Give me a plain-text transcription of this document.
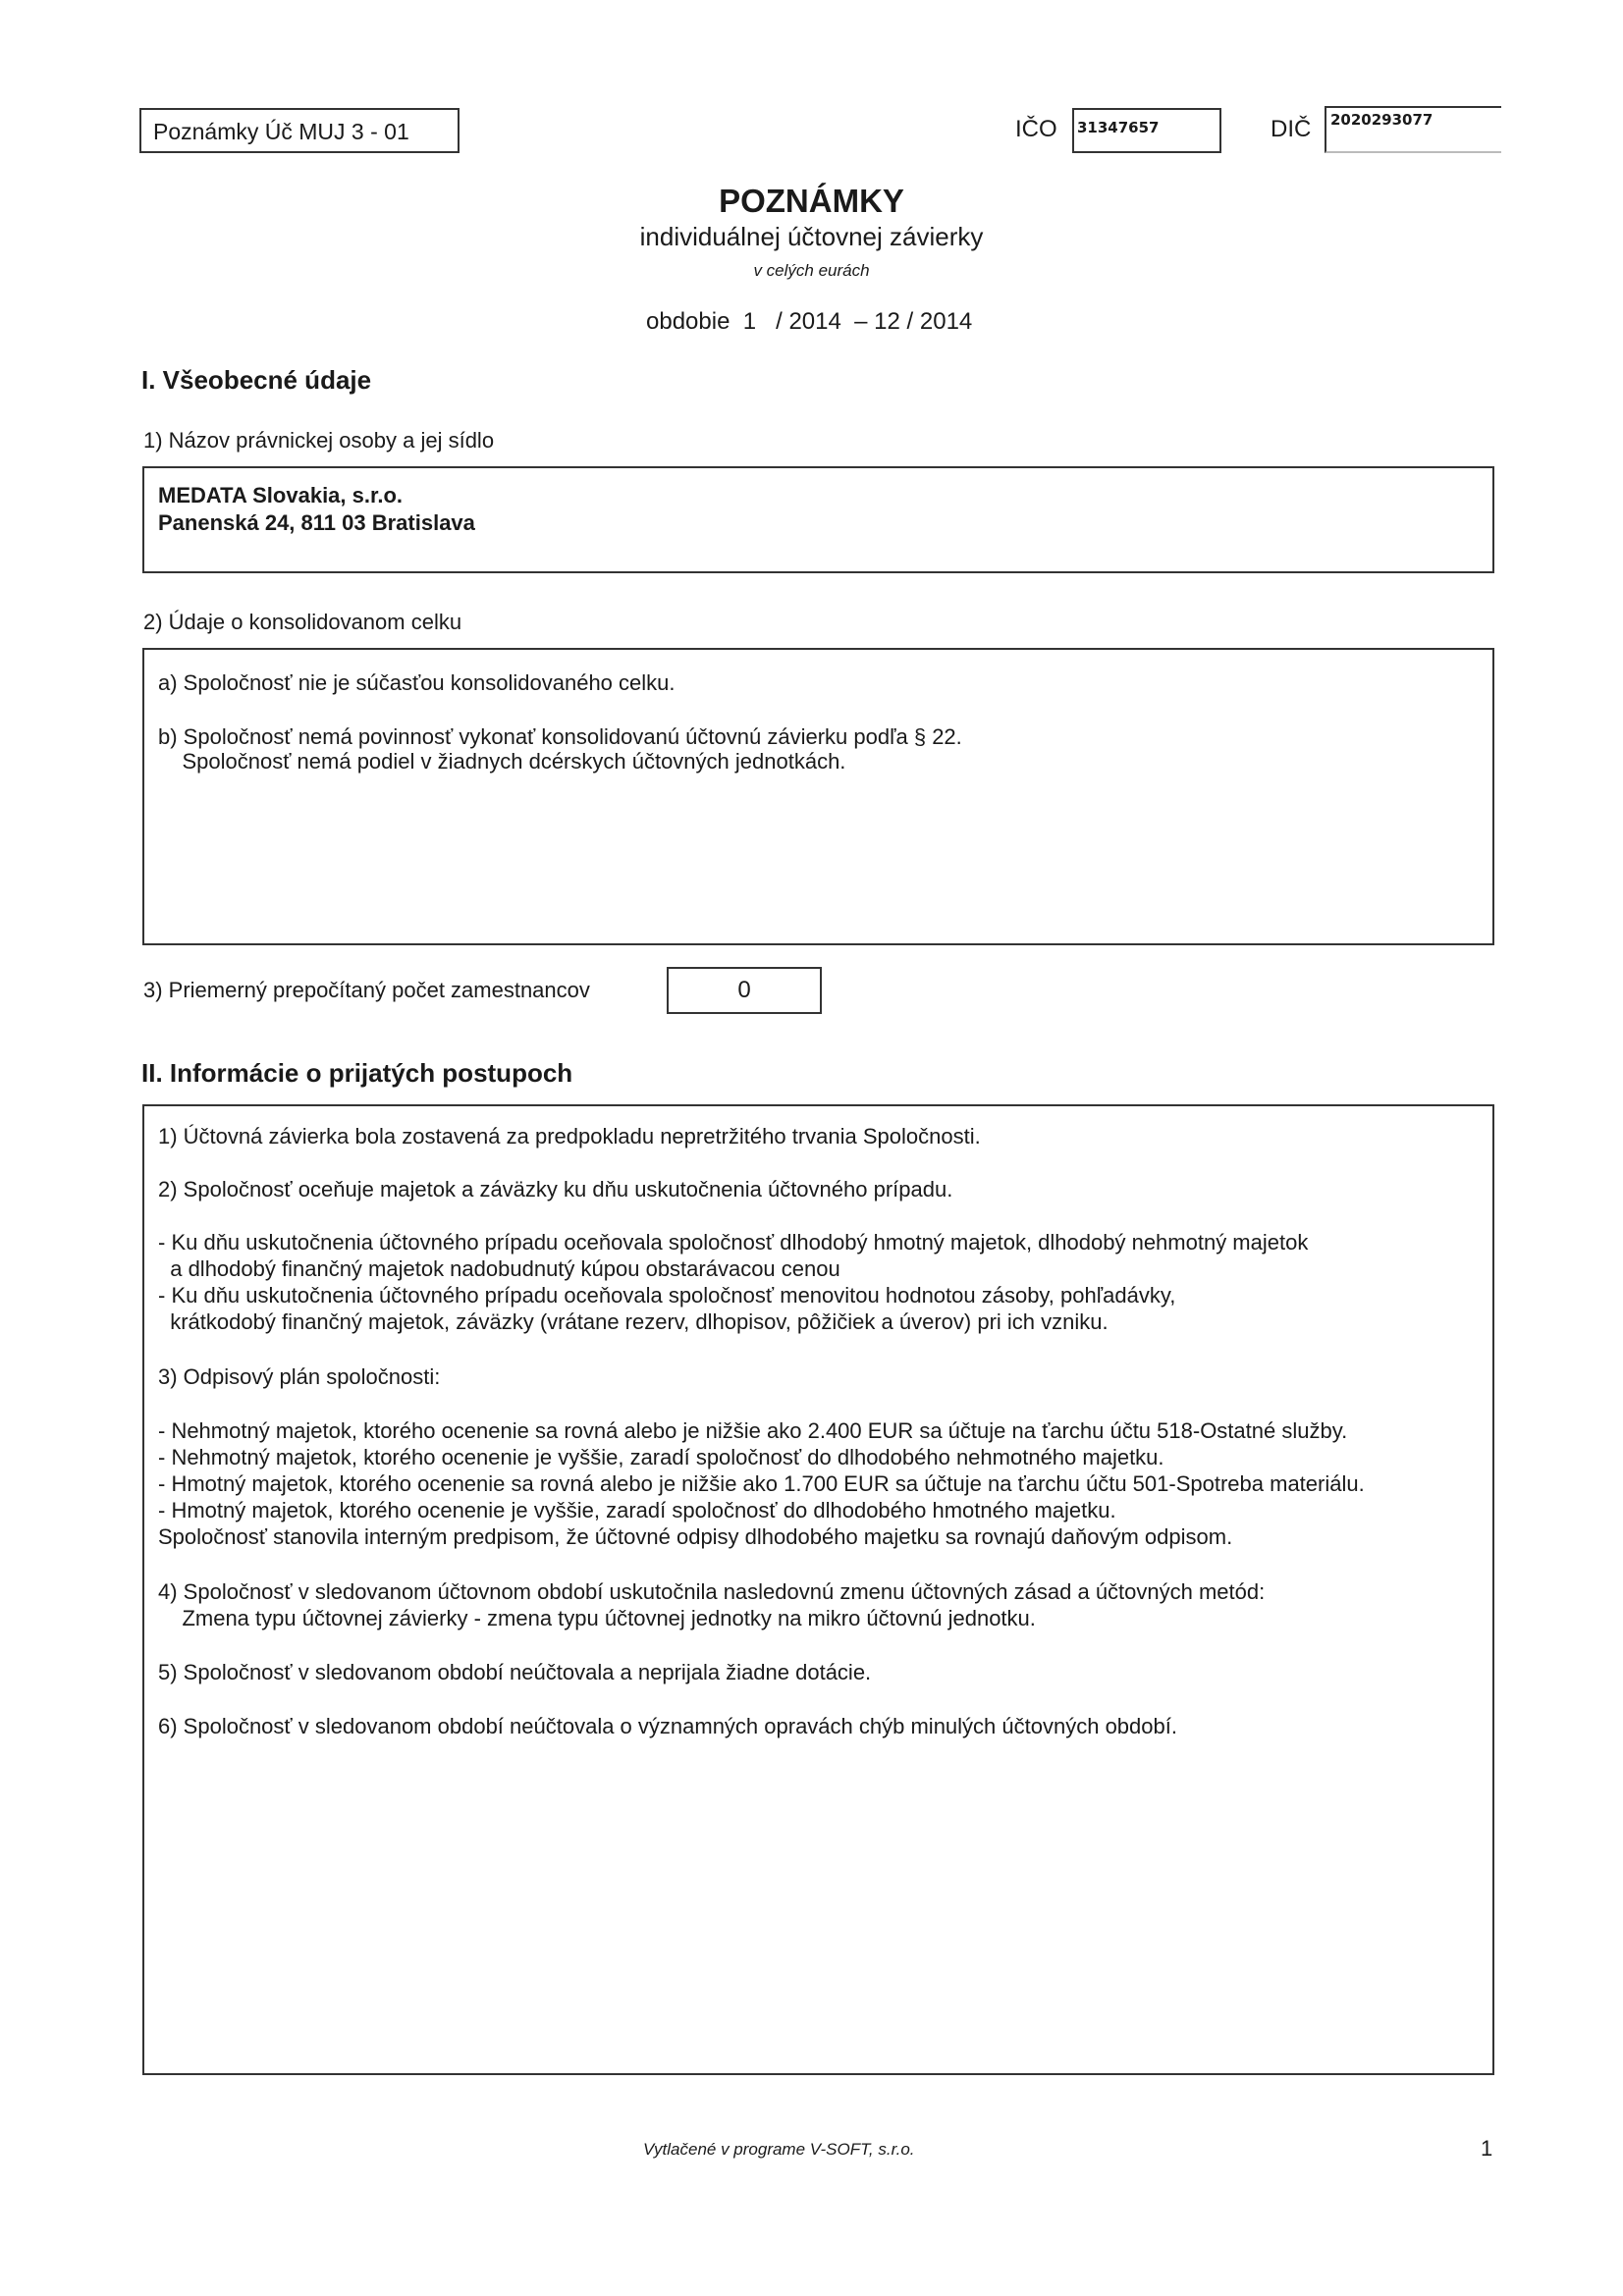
Poznámky Úč MUJ 3 - 01	IČO 31347657	DIČ 2020293077
POZNÁMKY
individuálnej účtovnej závierky
v celých eurách
obdobie  1   / 2014  – 12 / 2014
I. Všeobecné údaje
1) Názov právnickej osoby a jej sídlo
MEDATA Slovakia, s.r.o.
Panenská 24, 811 03 Bratislava
2) Údaje o konsolidovanom celku
a) Spoločnosť nie je súčasťou konsolidovaného celku.
b) Spoločnosť nemá povinnosť vykonať konsolidovanú účtovnú závierku podľa § 22.
Spoločnosť nemá podiel v žiadnych dcérskych účtovných jednotkách.
3) Priemerný prepočítaný počet zamestnancov	0
II. Informácie o prijatých postupoch
1) Účtovná závierka bola zostavená za predpokladu nepretržitého trvania Spoločnosti.
2) Spoločnosť oceňuje majetok a záväzky ku dňu uskutočnenia účtovného prípadu.
- Ku dňu uskutočnenia účtovného prípadu oceňovala spoločnosť dlhodobý hmotný majetok, dlhodobý nehmotný majetok
a dlhodobý finančný majetok nadobudnutý kúpou obstarávacou cenou
- Ku dňu uskutočnenia účtovného prípadu oceňovala spoločnosť menovitou hodnotou zásoby, pohľadávky,
krátkodobý finančný majetok, záväzky (vrátane rezerv, dlhopisov, pôžičiek a úverov) pri ich vzniku.
3) Odpisový plán spoločnosti:
- Nehmotný majetok, ktorého ocenenie sa rovná alebo je nižšie ako 2.400 EUR sa účtuje na ťarchu účtu 518-Ostatné služby.
- Nehmotný majetok, ktorého ocenenie je vyššie, zaradí spoločnosť do dlhodobého nehmotného majetku.
- Hmotný majetok, ktorého ocenenie sa rovná alebo je nižšie ako 1.700 EUR sa účtuje na ťarchu účtu 501-Spotreba materiálu.
- Hmotný majetok, ktorého ocenenie je vyššie, zaradí spoločnosť do dlhodobého hmotného majetku.
Spoločnosť stanovila interným predpisom, že účtovné odpisy dlhodobého majetku sa rovnajú daňovým odpisom.
4) Spoločnosť v sledovanom účtovnom období uskutočnila nasledovnú zmenu účtovných zásad a účtovných metód:
Zmena typu účtovnej závierky - zmena typu účtovnej jednotky na mikro účtovnú jednotku.
5) Spoločnosť v sledovanom období neúčtovala a neprijala žiadne dotácie.
6) Spoločnosť v sledovanom období neúčtovala o významných opravách chýb minulých účtovných období.
Vytlačené v programe V-SOFT, s.r.o.	1
